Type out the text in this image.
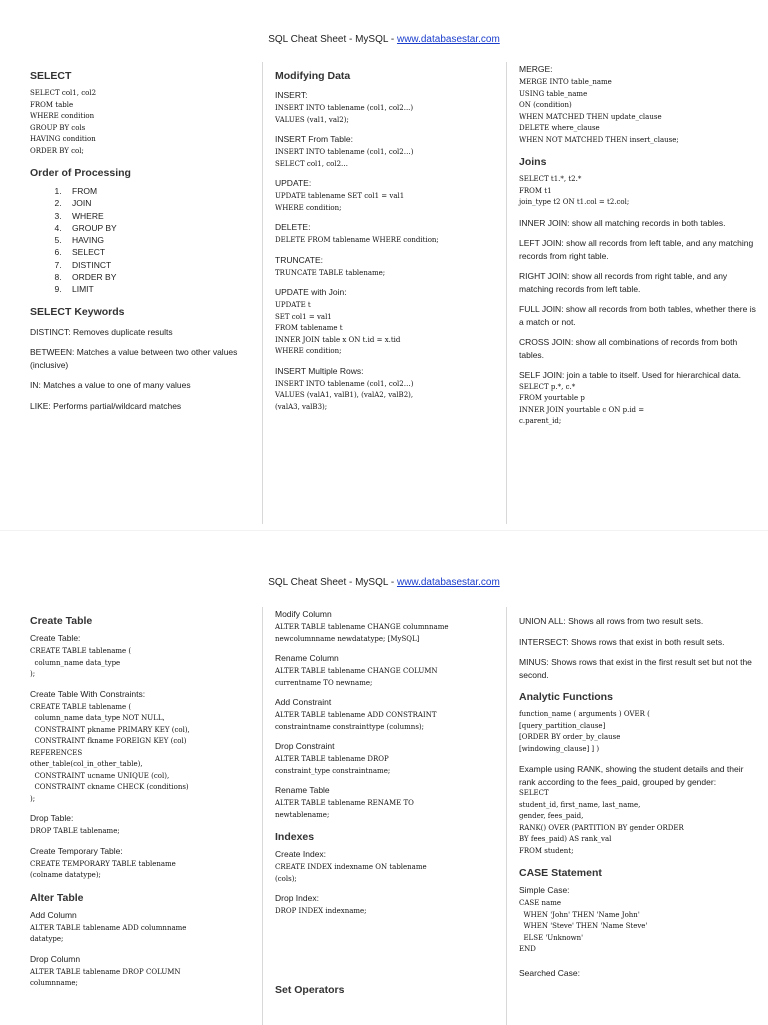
SQL Cheat Sheet - MySQL - www.databasestar.com
SELECT
SELECT col1, col2
FROM table
WHERE condition
GROUP BY cols
HAVING condition
ORDER BY col;
Order of Processing
1. FROM
2. JOIN
3. WHERE
4. GROUP BY
5. HAVING
6. SELECT
7. DISTINCT
8. ORDER BY
9. LIMIT
SELECT Keywords

DISTINCT: Removes duplicate results

BETWEEN: Matches a value between two other values (inclusive)

IN: Matches a value to one of many values

LIKE: Performs partial/wildcard matches

Modifying Data
INSERT:
INSERT INTO tablename (col1, col2...)
VALUES (val1, val2);
INSERT From Table:
INSERT INTO tablename (col1, col2…)
SELECT col1, col2…
UPDATE:
UPDATE tablename SET col1 = val1
WHERE condition;
DELETE:
DELETE FROM tablename WHERE condition;
TRUNCATE:
TRUNCATE TABLE tablename;
UPDATE with Join:
UPDATE t
SET col1 = val1
FROM tablename t
INNER JOIN table x ON t.id = x.tid
WHERE condition;
INSERT Multiple Rows:
INSERT INTO tablename (col1, col2…)
VALUES (valA1, valB1), (valA2, valB2),
(valA3, valB3);
MERGE:
MERGE INTO table_name
USING table_name
ON (condition)
WHEN MATCHED THEN update_clause
DELETE where_clause
WHEN NOT MATCHED THEN insert_clause;
Joins
SELECT t1.*, t2.*
FROM t1
join_type t2 ON t1.col = t2.col;

INNER JOIN: show all matching records in both tables.

LEFT JOIN: show all records from left table, and any matching records from right table.

RIGHT JOIN: show all records from right table, and any matching records from left table.

FULL JOIN: show all records from both tables, whether there is a match or not.

CROSS JOIN: show all combinations of records from both tables.

SELF JOIN: join a table to itself. Used for hierarchical data.

SELECT p.*, c.*
FROM yourtable p
INNER JOIN yourtable c ON p.id =
c.parent_id;
SQL Cheat Sheet - MySQL - www.databasestar.com
Create Table
Create Table:
CREATE TABLE tablename (
column_name data_type
);
Create Table With Constraints:
CREATE TABLE tablename (
column_name data_type NOT NULL,
CONSTRAINT pkname PRIMARY KEY (col),
CONSTRAINT fkname FOREIGN KEY (col)
REFERENCES
other_table(col_in_other_table),
CONSTRAINT ucname UNIQUE (col),
CONSTRAINT ckname CHECK (conditions)
);
Drop Table:
DROP TABLE tablename;
Create Temporary Table:
CREATE TEMPORARY TABLE tablename
(colname datatype);
Alter Table
Add Column
ALTER TABLE tablename ADD columnname
datatype;
Drop Column
ALTER TABLE tablename DROP COLUMN
columnname;
Modify Column
ALTER TABLE tablename CHANGE columnname
newcolumnname newdatatype; [MySQL]
Rename Column
ALTER TABLE tablename CHANGE COLUMN
currentname TO newname;
Add Constraint
ALTER TABLE tablename ADD CONSTRAINT
constraintname constrainttype (columns);
Drop Constraint
ALTER TABLE tablename DROP
constraint_type constraintname;
Rename Table
ALTER TABLE tablename RENAME TO
newtablename;
Indexes
Create Index:
CREATE INDEX indexname ON tablename
(cols);
Drop Index:
DROP INDEX indexname;
Set Operators

UNION ALL: Shows all rows from two result sets.

INTERSECT: Shows rows that exist in both result sets.

MINUS: Shows rows that exist in the first result set but not the second.

Analytic Functions
function_name ( arguments ) OVER (
[query_partition_clause]
[ORDER BY order_by_clause
[windowing_clause] ] )

Example using RANK, showing the student details and their rank according to the fees_paid, grouped by gender:

SELECT
student_id, first_name, last_name,
gender, fees_paid,
RANK() OVER (PARTITION BY gender ORDER
BY fees_paid) AS rank_val
FROM student;
CASE Statement
Simple Case:
CASE name
WHEN 'John' THEN 'Name John'
WHEN 'Steve' THEN 'Name Steve'
ELSE 'Unknown'
END
Searched Case:
